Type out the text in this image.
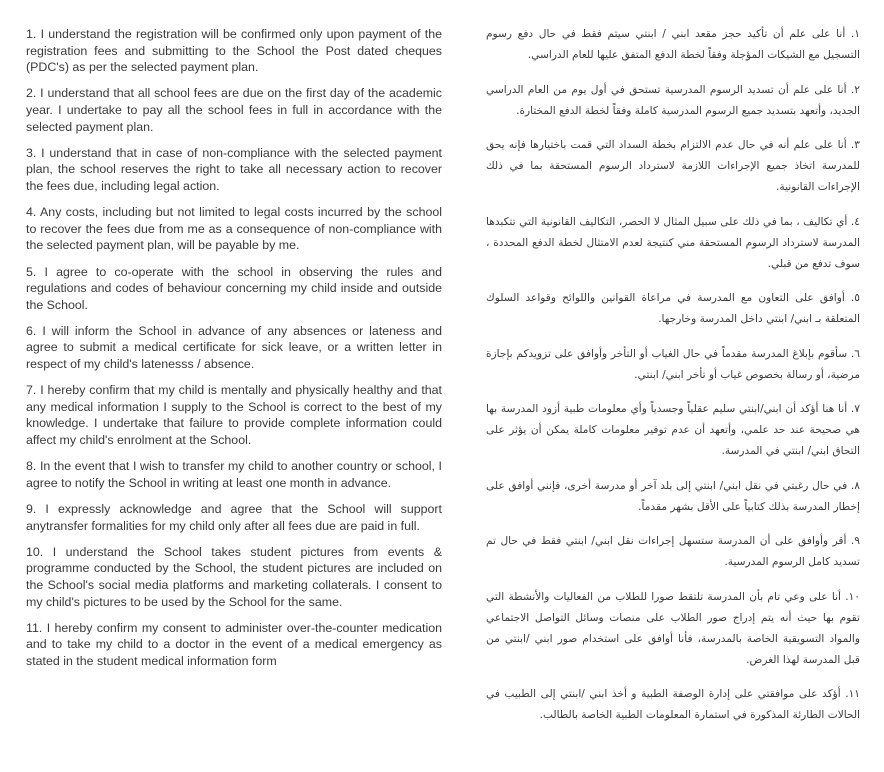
1. I understand the registration will be confirmed only upon payment of the registration fees and submitting to the School the Post dated cheques (PDC's) as per the selected payment plan.

2. I understand that all school fees are due on the first day of the academic year. I undertake to pay all the school fees in full in accordance with the selected payment plan.

3. I understand that in case of non-compliance with the selected payment plan, the school reserves the right to take all necessary action to recover the fees due, including legal action.

4. Any costs, including but not limited to legal costs incurred by the school to recover the fees due from me as a consequence of non-compliance with the selected payment plan, will be payable by me.

5. I agree to co-operate with the school in observing the rules and regulations and codes of behaviour concerning my child inside and outside the School.

6. I will inform the School in advance of any absences or lateness and agree to submit a medical certificate for sick leave, or a written letter in respect of my child's latenesss / absence.

7. I hereby confirm that my child is mentally and physically healthy and that any medical information I supply to the School is correct to the best of my knowledge. I undertake that failure to provide complete information could affect my child's enrolment at the School.

8. In the event that I wish to transfer my child to another country or school, I agree to notify the School in writing at least one month in advance.

9. I expressly acknowledge and agree that the School will support anytransfer formalities for my child only after all fees due are paid in full.

10. I understand the School takes student pictures from events & programme conducted by the School, the student pictures are included on the School's social media platforms and marketing collaterals. I consent to my child's pictures to be used by the School for the same.

11. I hereby confirm my consent to administer over-the-counter medication and to take my child to a doctor in the event of a medical emergency as stated in the student medical information form

١. أنا على علم أن تأكيد حجز مقعد ابني / ابنتي سيتم فقط في حال دفع رسوم التسجيل مع الشيكات المؤجلة وفقاً لخطة الدفع المتفق عليها للعام الدراسي.

٢. أنا على علم أن تسديد الرسوم المدرسية تستحق في أول يوم من العام الدراسي الجديد، وأتعهد بتسديد جميع الرسوم المدرسية كاملة وفقاً لخطة الدفع المختارة.

٣. أنا على علم أنه في حال عدم الالتزام بخطة السداد التي قمت باختيارها فإنه يحق للمدرسة اتخاذ جميع الإجراءات اللازمة لاسترداد الرسوم المستحقة بما في ذلك الإجراءات القانونية.

٤. أي تكاليف ، بما في ذلك على سبيل المثال لا الحصر، التكاليف القانونية التي تتكبدها المدرسة لاسترداد الرسوم المستحقة مني كنتيجة لعدم الامتثال لخطة الدفع المحددة ، سوف تدفع من قبلي.

٥. أوافق على التعاون مع المدرسة في مراعاة القوانين واللوائح وقواعد السلوك المتعلقة بـ ابني/ ابنتي داخل المدرسة وخارجها.

٦. سأقوم بإبلاغ المدرسة مقدماً في حال الغياب أو التأخر وأوافق على تزويدكم بإجازة مرضية، أو رسالة بخصوص غياب أو تأخر ابني/ ابنتي.

٧. أنا هنا أؤكد أن ابني/ابنتي سليم عقلياً وجسدياً وأي معلومات طبية أزود المدرسة بها هي صحيحة عند حد علمي، وأتعهد أن عدم توفير معلومات كاملة يمكن أن يؤثر على التحاق ابني/ ابنتي في المدرسة.

٨. في حال رغبتي في نقل ابني/ ابنتي إلى بلد آخر أو مدرسة أخرى، فإنني أوافق على إخطار المدرسة بذلك كتابياً على الأقل بشهر مقدماً.

٩. أقر وأوافق على أن المدرسة ستسهل إجراءات نقل ابني/ ابنتي فقط في حال تم تسديد كامل الرسوم المدرسية.

١٠. أنا على وعي تام بأن المدرسة تلتقط صورا للطلاب من الفعاليات والأنشطة التي تقوم بها حيث أنه يتم إدراج صور الطلاب على منصات وسائل التواصل الاجتماعي والمواد التسويقية الخاصة بالمدرسة، فأنا أوافق على استخدام صور ابني /ابنتي من قبل المدرسة لهذا الغرض.

١١. أؤكد على موافقتي على إدارة الوصفة الطبية و أخذ ابني /ابنتي إلى الطبيب في الحالات الطارئة المذكورة في استمارة المعلومات الطبية الخاصة بالطالب.
